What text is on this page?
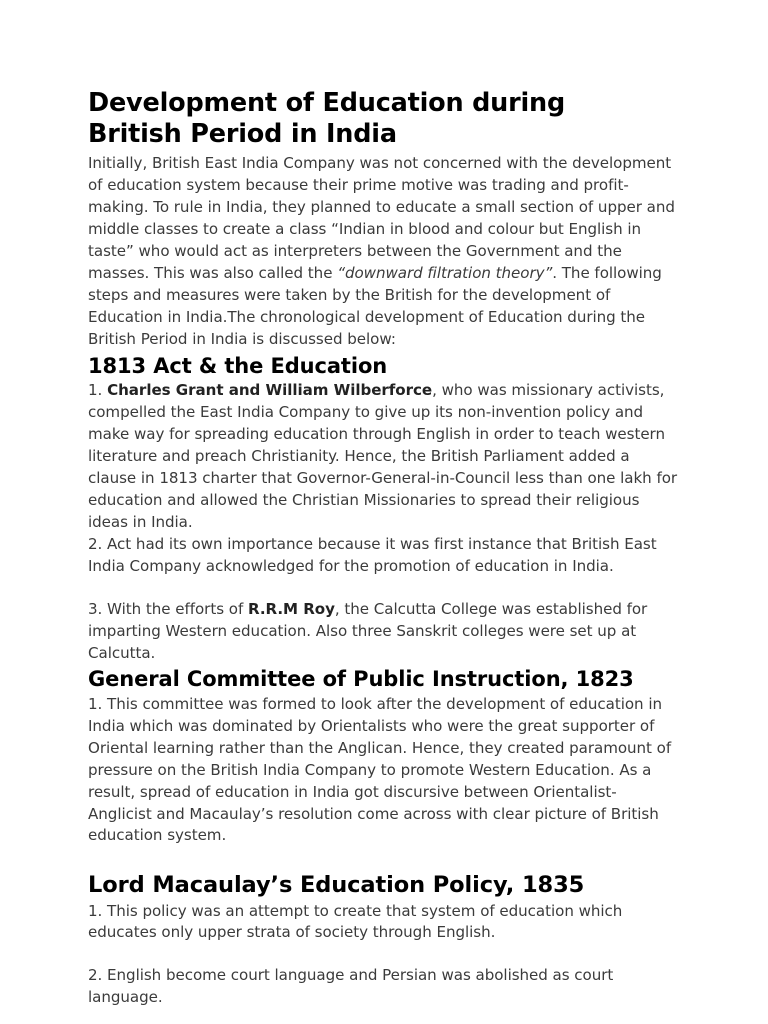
Development of Education during British Period in India

Initially, British East India Company was not concerned with the development of education system because their prime motive was trading and profit-making. To rule in India, they planned to educate a small section of upper and middle classes to create a class “Indian in blood and colour but English in taste” who would act as interpreters between the Government and the masses. This was also called the “downward filtration theory”. The following steps and measures were taken by the British for the development of Education in India.The chronological development of Education during the British Period in India is discussed below:

1813 Act & the Education

1. Charles Grant and William Wilberforce, who was missionary activists, compelled the East India Company to give up its non-invention policy and make way for spreading education through English in order to teach western literature and preach Christianity. Hence, the British Parliament added a clause in 1813 charter that Governor-General-in-Council less than one lakh for education and allowed the Christian Missionaries to spread their religious ideas in India.

2. Act had its own importance because it was first instance that British East India Company acknowledged for the promotion of education in India.

3. With the efforts of R.R.M Roy, the Calcutta College was established for imparting Western education. Also three Sanskrit colleges were set up at Calcutta.

General Committee of Public Instruction, 1823

1. This committee was formed to look after the development of education in India which was dominated by Orientalists who were the great supporter of Oriental learning rather than the Anglican. Hence, they created paramount of pressure on the British India Company to promote Western Education. As a result, spread of education in India got discursive between Orientalist-Anglicist and Macaulay’s resolution come across with clear picture of British education system.

Lord Macaulay’s Education Policy, 1835

1. This policy was an attempt to create that system of education which educates only upper strata of society through English.

2. English become court language and Persian was abolished as court language.
